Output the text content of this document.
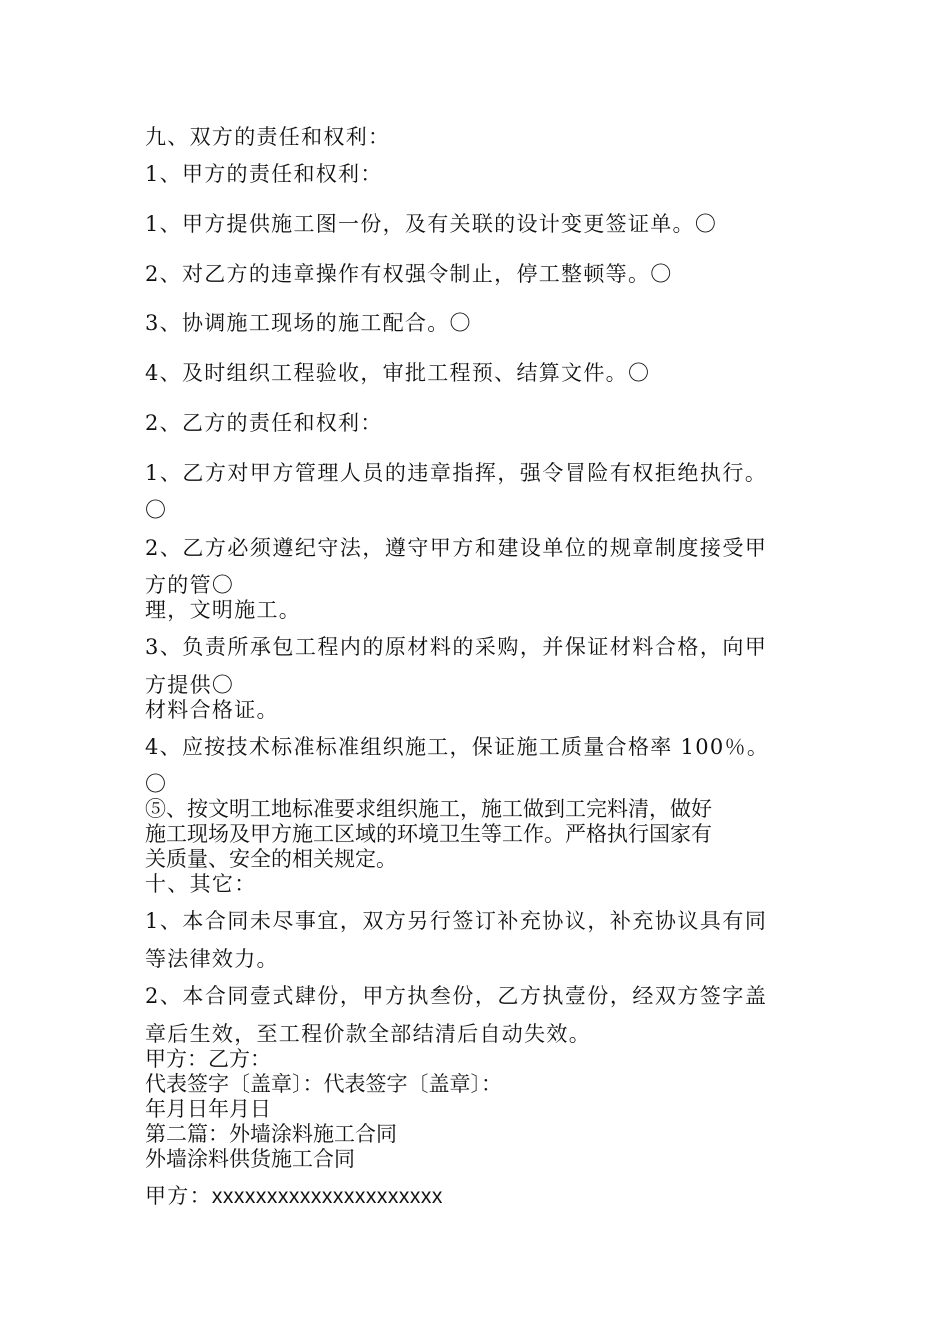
九、双方的责任和权利：
1、甲方的责任和权利：
1、甲方提供施工图一份，及有关联的设计变更签证单。〇
2、对乙方的违章操作有权强令制止，停工整顿等。〇
3、协调施工现场的施工配合。〇
4、及时组织工程验收，审批工程预、结算文件。〇
2、乙方的责任和权利：
1、乙方对甲方管理人员的违章指挥，强令冒险有权拒绝执行。
〇
2、乙方必须遵纪守法，遵守甲方和建设单位的规章制度接受甲
方的管〇
理，文明施工。
3、负责所承包工程内的原材料的采购，并保证材料合格，向甲
方提供〇
材料合格证。
4、应按技术标准标准组织施工，保证施工质量合格率 100％。
〇
⑤、按文明工地标准要求组织施工，施工做到工完料清，做好
施工现场及甲方施工区域的环境卫生等工作。严格执行国家有
关质量、安全的相关规定。
十、其它：
1、本合同未尽事宜，双方另行签订补充协议，补充协议具有同
等法律效力。
2、本合同壹式肆份，甲方执叁份，乙方执壹份，经双方签字盖
章后生效，至工程价款全部结清后自动失效。
甲方：乙方：
代表签字〔盖章〕：代表签字〔盖章〕：
年月日年月日
第二篇：外墙涂料施工合同
外墙涂料供货施工合同
甲方：xxxxxxxxxxxxxxxxxxxxx
